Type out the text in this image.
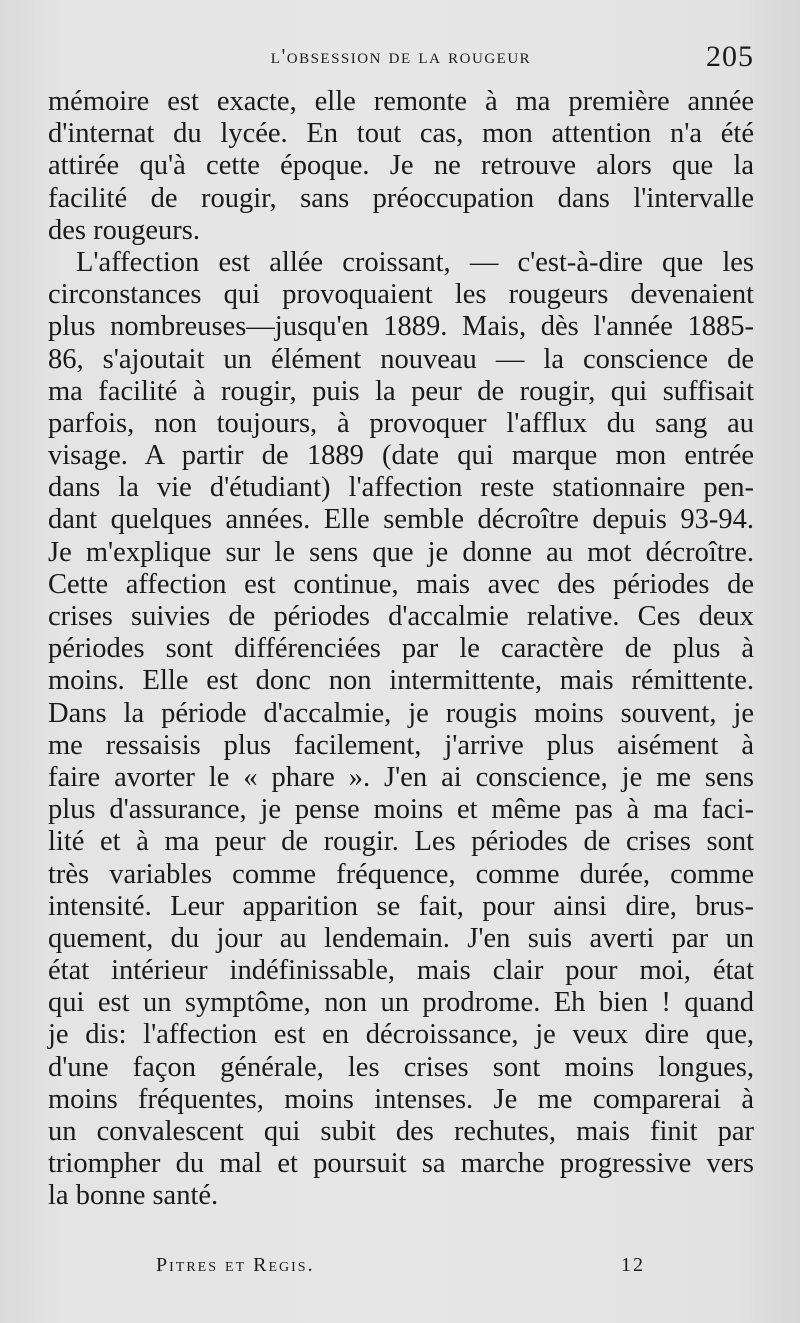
l'obsession de la rougeur	205
mémoire est exacte, elle remonte à ma première année
d'internat du lycée. En tout cas, mon attention n'a été
attirée qu'à cette époque. Je ne retrouve alors que la
facilité de rougir, sans préoccupation dans l'intervalle
des rougeurs.
L'affection est allée croissant, — c'est-à-dire que les
circonstances qui provoquaient les rougeurs devenaient
plus nombreuses—jusqu'en 1889. Mais, dès l'année 1885-
86, s'ajoutait un élément nouveau — la conscience de
ma facilité à rougir, puis la peur de rougir, qui suffisait
parfois, non toujours, à provoquer l'afflux du sang au
visage. A partir de 1889 (date qui marque mon entrée
dans la vie d'étudiant) l'affection reste stationnaire pen-
dant quelques années. Elle semble décroître depuis 93-94.
Je m'explique sur le sens que je donne au mot décroître.
Cette affection est continue, mais avec des périodes de
crises suivies de périodes d'accalmie relative. Ces deux
périodes sont différenciées par le caractère de plus à
moins. Elle est donc non intermittente, mais rémittente.
Dans la période d'accalmie, je rougis moins souvent, je
me ressaisis plus facilement, j'arrive plus aisément à
faire avorter le « phare ». J'en ai conscience, je me sens
plus d'assurance, je pense moins et même pas à ma faci-
lité et à ma peur de rougir. Les périodes de crises sont
très variables comme fréquence, comme durée, comme
intensité. Leur apparition se fait, pour ainsi dire, brus-
quement, du jour au lendemain. J'en suis averti par un
état intérieur indéfinissable, mais clair pour moi, état
qui est un symptôme, non un prodrome. Eh bien ! quand
je dis: l'affection est en décroissance, je veux dire que,
d'une façon générale, les crises sont moins longues,
moins fréquentes, moins intenses. Je me comparerai à
un convalescent qui subit des rechutes, mais finit par
triompher du mal et poursuit sa marche progressive vers
la bonne santé.
Pitres et Regis.	12
